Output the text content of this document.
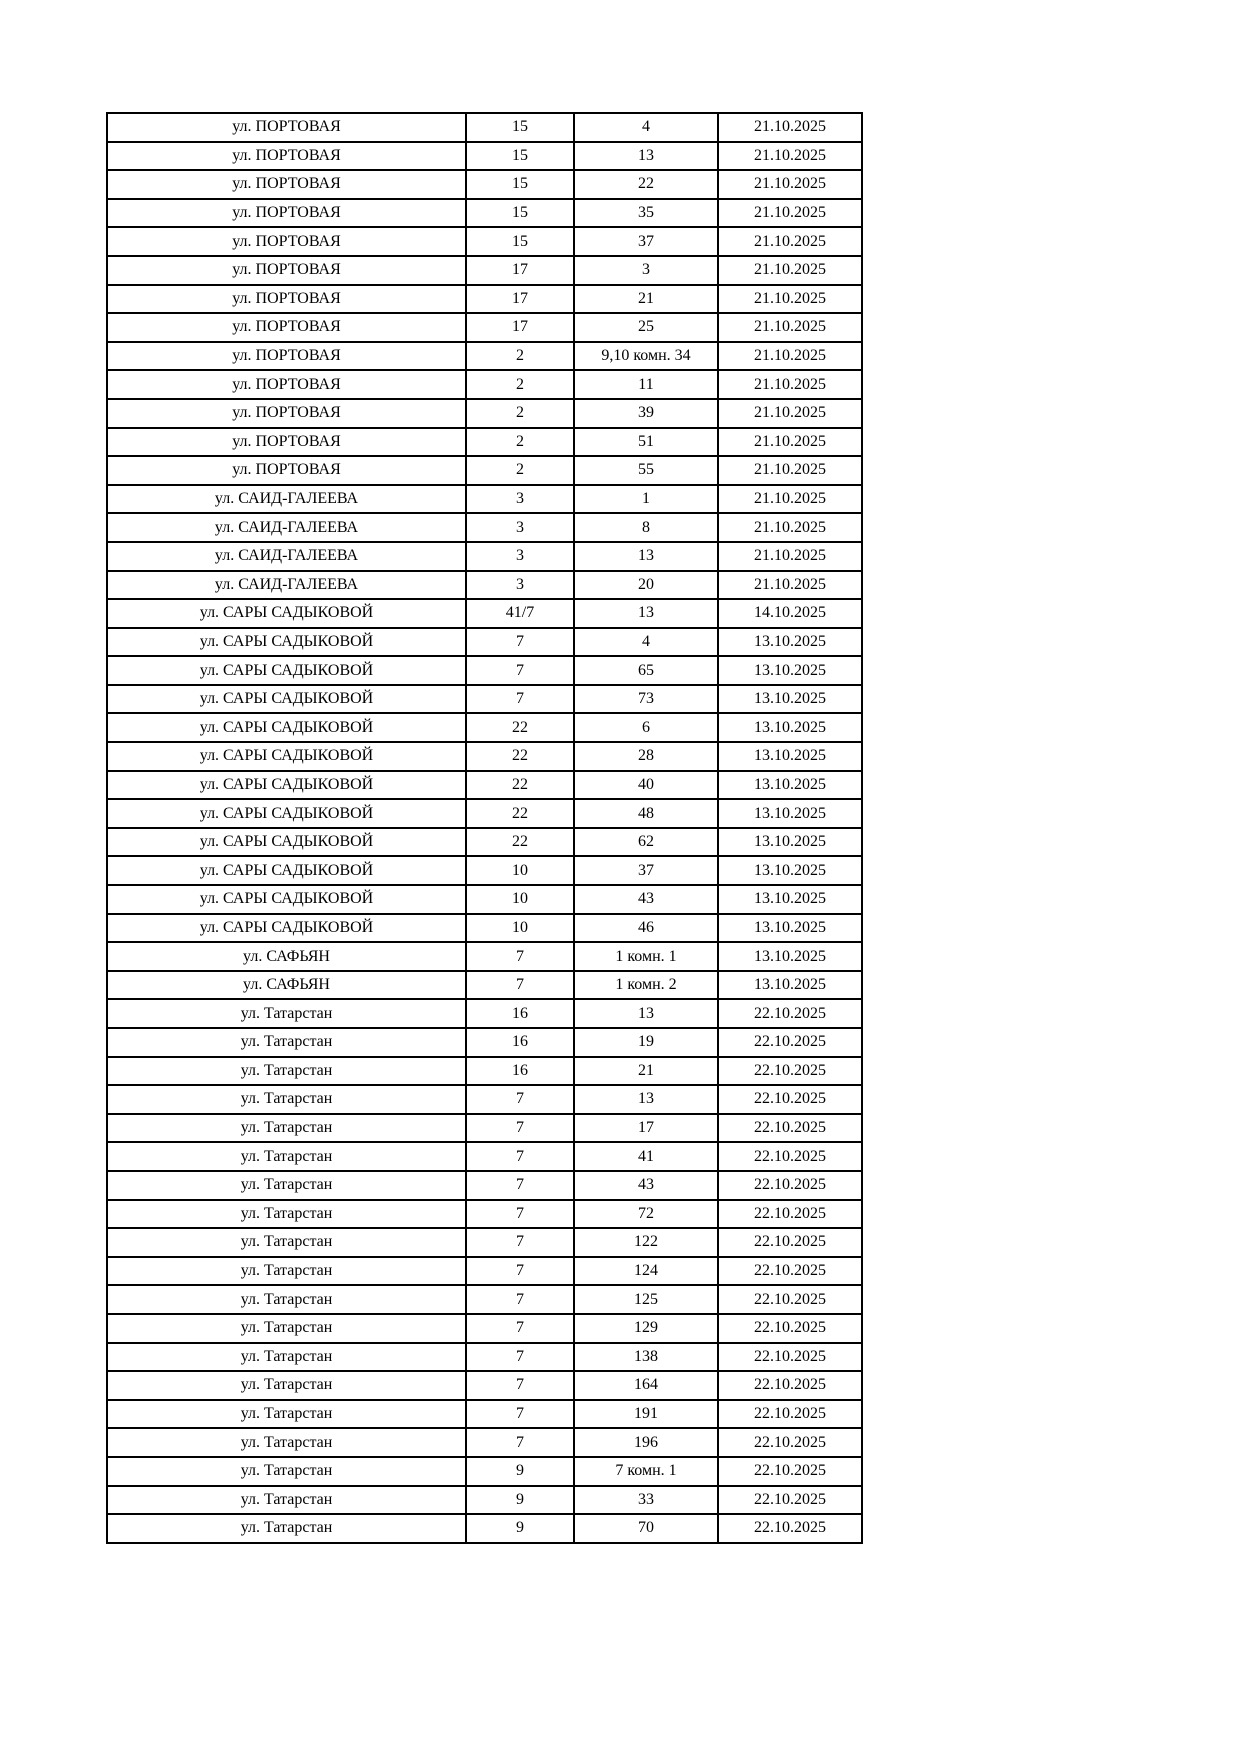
ул. ПОРТОВАЯ	15	4	21.10.2025
ул. ПОРТОВАЯ	15	13	21.10.2025
ул. ПОРТОВАЯ	15	22	21.10.2025
ул. ПОРТОВАЯ	15	35	21.10.2025
ул. ПОРТОВАЯ	15	37	21.10.2025
ул. ПОРТОВАЯ	17	3	21.10.2025
ул. ПОРТОВАЯ	17	21	21.10.2025
ул. ПОРТОВАЯ	17	25	21.10.2025
ул. ПОРТОВАЯ	2	9,10 комн. 34	21.10.2025
ул. ПОРТОВАЯ	2	11	21.10.2025
ул. ПОРТОВАЯ	2	39	21.10.2025
ул. ПОРТОВАЯ	2	51	21.10.2025
ул. ПОРТОВАЯ	2	55	21.10.2025
ул. САИД-ГАЛЕЕВА	3	1	21.10.2025
ул. САИД-ГАЛЕЕВА	3	8	21.10.2025
ул. САИД-ГАЛЕЕВА	3	13	21.10.2025
ул. САИД-ГАЛЕЕВА	3	20	21.10.2025
ул. САРЫ САДЫКОВОЙ	41/7	13	14.10.2025
ул. САРЫ САДЫКОВОЙ	7	4	13.10.2025
ул. САРЫ САДЫКОВОЙ	7	65	13.10.2025
ул. САРЫ САДЫКОВОЙ	7	73	13.10.2025
ул. САРЫ САДЫКОВОЙ	22	6	13.10.2025
ул. САРЫ САДЫКОВОЙ	22	28	13.10.2025
ул. САРЫ САДЫКОВОЙ	22	40	13.10.2025
ул. САРЫ САДЫКОВОЙ	22	48	13.10.2025
ул. САРЫ САДЫКОВОЙ	22	62	13.10.2025
ул. САРЫ САДЫКОВОЙ	10	37	13.10.2025
ул. САРЫ САДЫКОВОЙ	10	43	13.10.2025
ул. САРЫ САДЫКОВОЙ	10	46	13.10.2025
ул. САФЬЯН	7	1 комн. 1	13.10.2025
ул. САФЬЯН	7	1 комн. 2	13.10.2025
ул. Татарстан	16	13	22.10.2025
ул. Татарстан	16	19	22.10.2025
ул. Татарстан	16	21	22.10.2025
ул. Татарстан	7	13	22.10.2025
ул. Татарстан	7	17	22.10.2025
ул. Татарстан	7	41	22.10.2025
ул. Татарстан	7	43	22.10.2025
ул. Татарстан	7	72	22.10.2025
ул. Татарстан	7	122	22.10.2025
ул. Татарстан	7	124	22.10.2025
ул. Татарстан	7	125	22.10.2025
ул. Татарстан	7	129	22.10.2025
ул. Татарстан	7	138	22.10.2025
ул. Татарстан	7	164	22.10.2025
ул. Татарстан	7	191	22.10.2025
ул. Татарстан	7	196	22.10.2025
ул. Татарстан	9	7 комн. 1	22.10.2025
ул. Татарстан	9	33	22.10.2025
ул. Татарстан	9	70	22.10.2025
